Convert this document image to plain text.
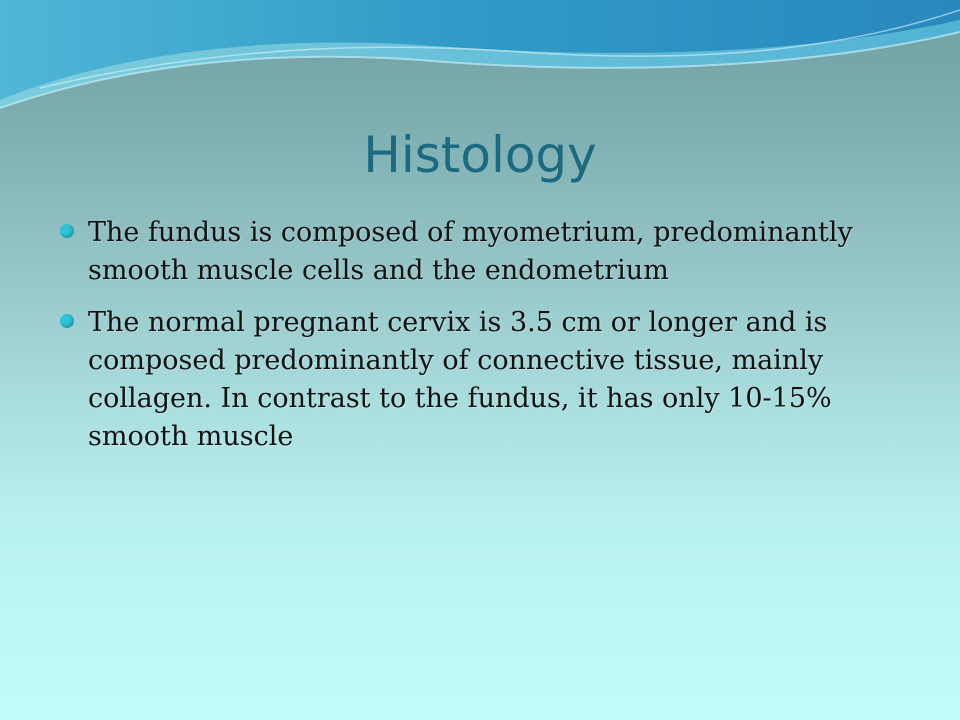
Histology
The fundus is composed of myometrium, predominantly smooth muscle cells and the endometrium
The normal pregnant cervix is 3.5 cm or longer and is composed predominantly of connective tissue, mainly collagen. In contrast to the fundus, it has only 10-15% smooth muscle
